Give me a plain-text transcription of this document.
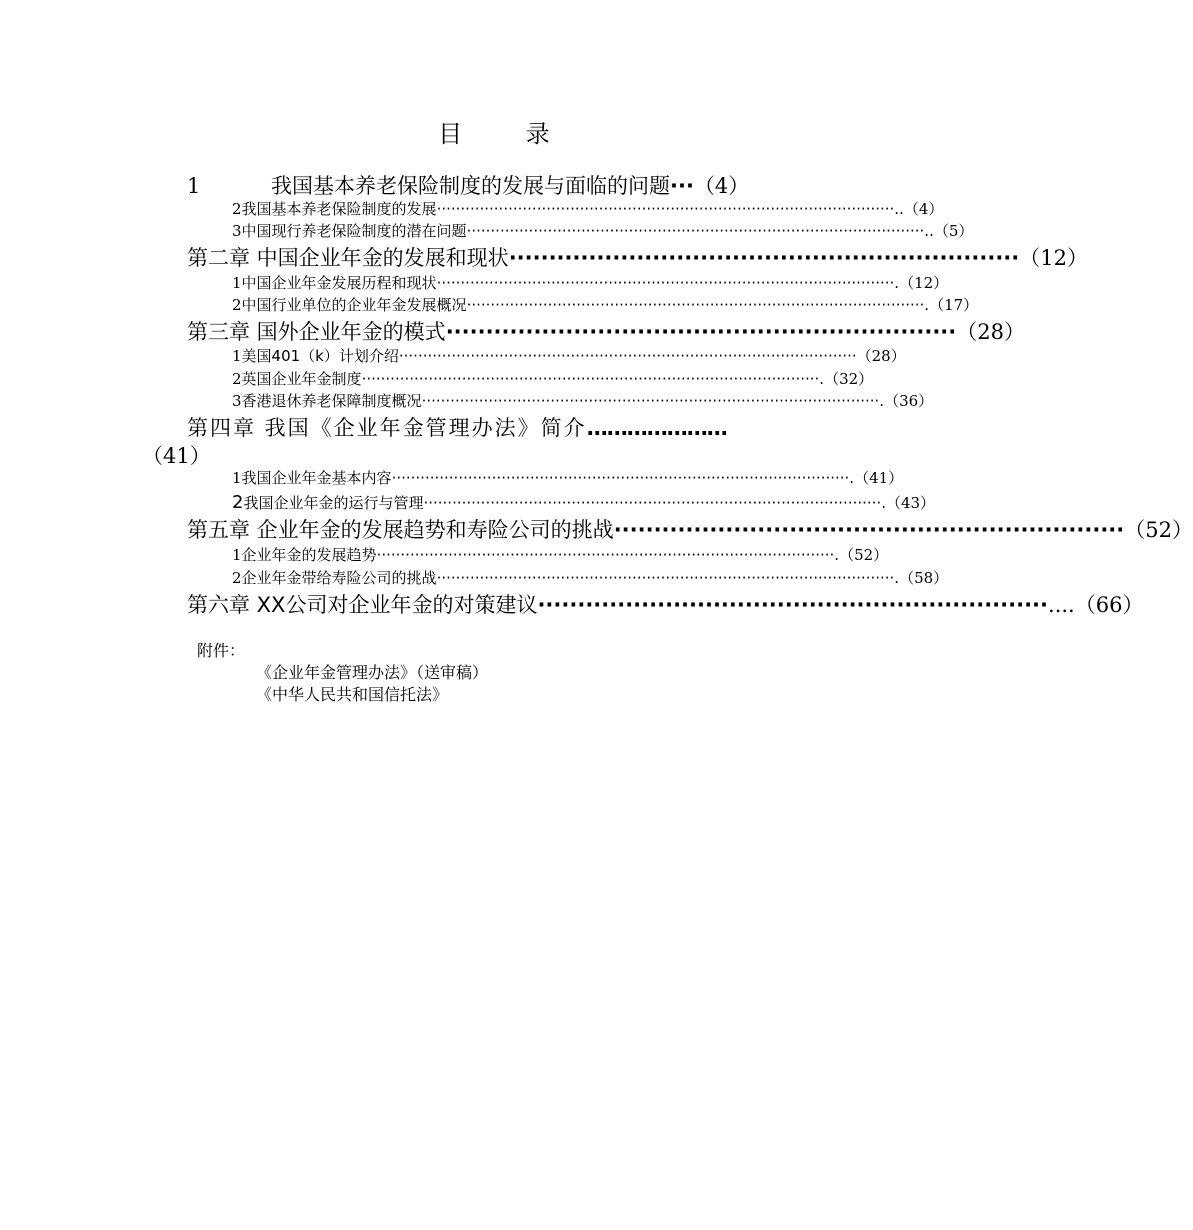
目 录
1	我国基本养老保险制度的发展与面临的问题 ··· （4）
2 我国基本养老保险制度的发展 ································································································ ..（4）
3 中国现行养老保险制度的潜在问题 ································································································ ..（5）
第二章 中国企业年金的发展和现状 ································································ （12）
1 中国企业年金发展历程和现状 ································································································ .（12）
2 中国行业单位的企业年金发展概况 ································································································ .（17）
第三章 国外企业年金的模式 ································································ （28）
1 美国401（k）计划介绍 ································································································ （28）
2 英国企业年金制度 ································································································ .（32）
3 香港退休养老保障制度概况 ································································································ .（36）
第四章 我国《企业年金管理办法》简介 …………………
（41）
1 我国企业年金基本内容 ································································································ .（41）
2 我国企业年金的运行与管理 ································································································ .（43）
第五章 企业年金的发展趋势和寿险公司的挑战 ································································ （52）
1 企业年金的发展趋势 ································································································ .（52）
2 企业年金带给寿险公司的挑战 ································································································ .（58）
第六章 XX公司对企业年金的对策建议 ································································ ....（66）
附件：
《企业年金管理办法》（送审稿）
《中华人民共和国信托法》
